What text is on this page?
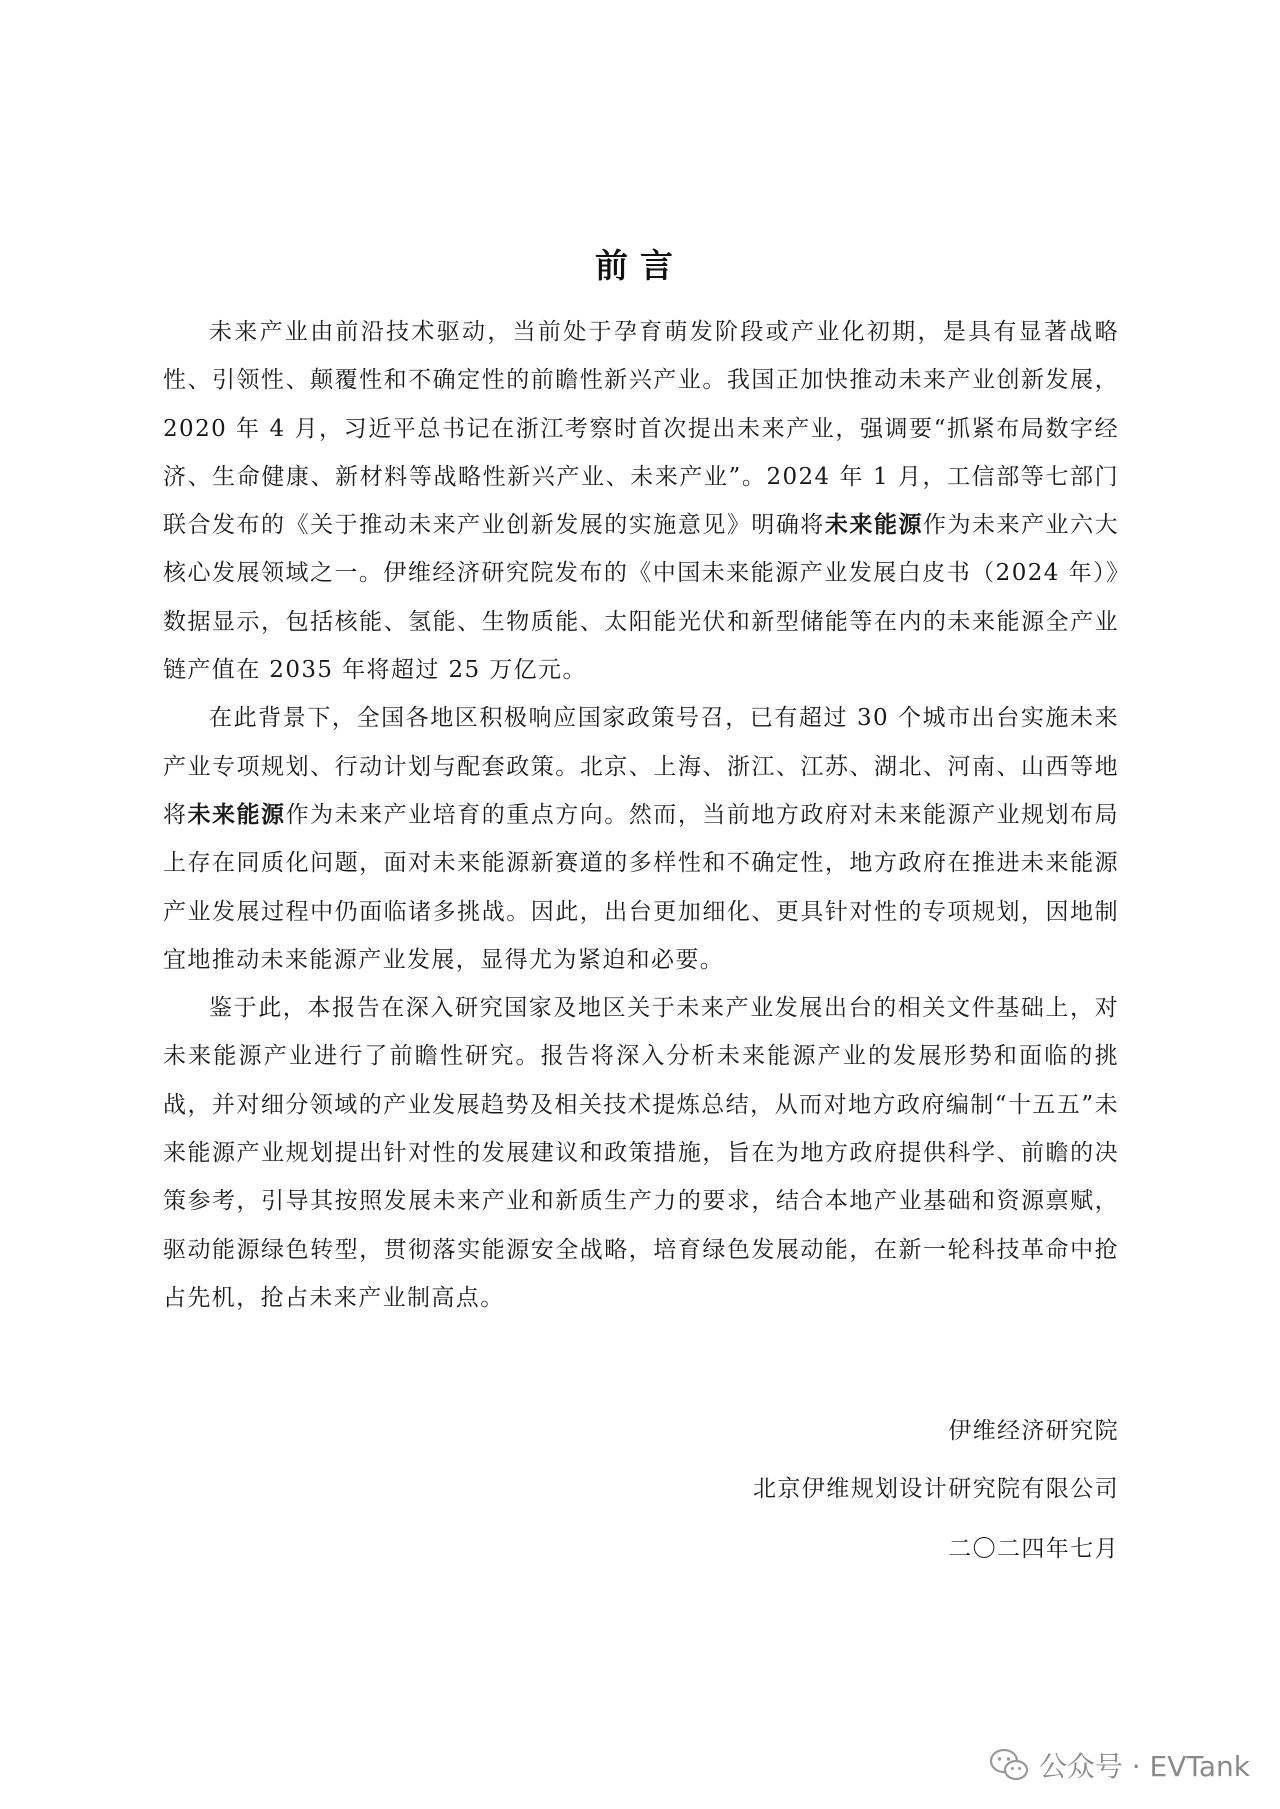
前言

未来产业由前沿技术驱动，当前处于孕育萌发阶段或产业化初期，是具有显著战略性、引领性、颠覆性和不确定性的前瞻性新兴产业。我国正加快推动未来产业创新发展，2020 年 4 月，习近平总书记在浙江考察时首次提出未来产业，强调要“抓紧布局数字经济、生命健康、新材料等战略性新兴产业、未来产业”。2024 年 1 月，工信部等七部门联合发布的《关于推动未来产业创新发展的实施意见》明确将未来能源作为未来产业六大核心发展领域之一。伊维经济研究院发布的《中国未来能源产业发展白皮书（2024 年）》数据显示，包括核能、氢能、生物质能、太阳能光伏和新型储能等在内的未来能源全产业链产值在 2035 年将超过 25 万亿元。

在此背景下，全国各地区积极响应国家政策号召，已有超过 30 个城市出台实施未来产业专项规划、行动计划与配套政策。北京、上海、浙江、江苏、湖北、河南、山西等地将未来能源作为未来产业培育的重点方向。然而，当前地方政府对未来能源产业规划布局上存在同质化问题，面对未来能源新赛道的多样性和不确定性，地方政府在推进未来能源产业发展过程中仍面临诸多挑战。因此，出台更加细化、更具针对性的专项规划，因地制宜地推动未来能源产业发展，显得尤为紧迫和必要。

鉴于此，本报告在深入研究国家及地区关于未来产业发展出台的相关文件基础上，对未来能源产业进行了前瞻性研究。报告将深入分析未来能源产业的发展形势和面临的挑战，并对细分领域的产业发展趋势及相关技术提炼总结，从而对地方政府编制“十五五”未来能源产业规划提出针对性的发展建议和政策措施，旨在为地方政府提供科学、前瞻的决策参考，引导其按照发展未来产业和新质生产力的要求，结合本地产业基础和资源禀赋，驱动能源绿色转型，贯彻落实能源安全战略，培育绿色发展动能，在新一轮科技革命中抢占先机，抢占未来产业制高点。

伊维经济研究院
北京伊维规划设计研究院有限公司
二〇二四年七月
公众号 · EVTank
